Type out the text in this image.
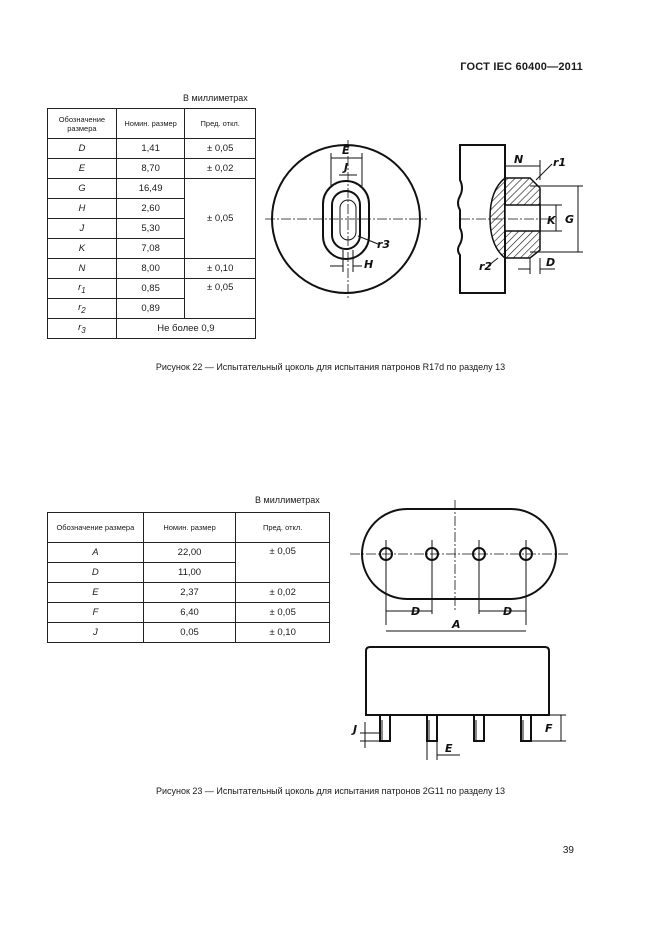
ГОСТ IEC 60400—2011
В миллиметрах
Обозначение размера	Номин. размер	Пред. откл.
D	1,41	± 0,05
E	8,70	± 0,02
G	16,49	± 0,05
H	2,60	
J	5,30	
K	7,08	
N	8,00	± 0,10
$r_1$	0,85	± 0,05
$r_2$	0,89	
$r_3$	Не более 0,9	
E
J
r3
H
N	r1
K G
r2	D
Рисунок 22 — Испытательный цоколь для испытания патронов R17d по разделу 13
В миллиметрах
Обозначение размера	Номин. размер	Пред. откл.
A	22,00	± 0,05
D	11,00	
E	2,37	± 0,02
F	6,40	± 0,05
J	0,05	± 0,10
D	D
A
J
E
F
Рисунок 23 — Испытательный цоколь для испытания патронов 2G11 по разделу 13
39
